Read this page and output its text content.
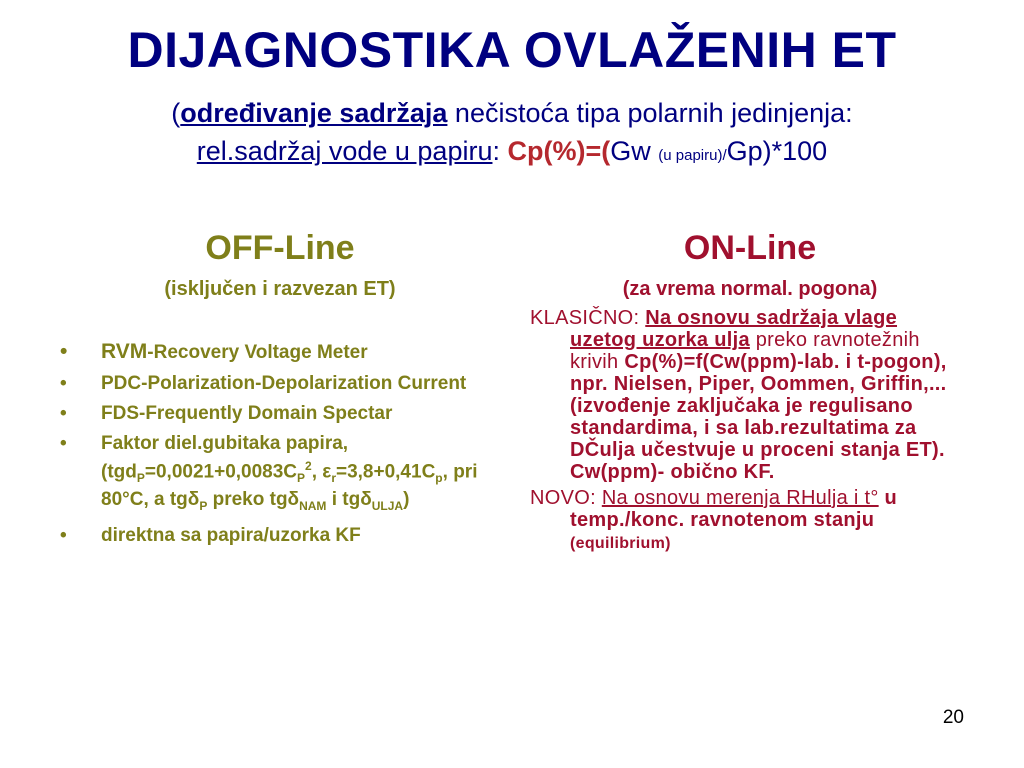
DIJAGNOSTIKA OVLAŽENIH ET
(određivanje sadržaja nečistoća tipa polarnih jedinjenja:
rel.sadržaj vode u papiru: Cp(%)=(Gw (u papiru)/Gp)*100
OFF-Line
(isključen i razvezan ET)
• RVM-Recovery Voltage Meter
• PDC-Polarization-Depolarization Current
• FDS-Frequently Domain Spectar
• Faktor diel.gubitaka papira, ($tgd_P=0,0021+0,0083C_P^2$, $\varepsilon_r=3,8+0,41C_p$, pri 80°C, a tgδ$_P$ preko tgδ$_{NAM}$ i tgδ$_{ULJA}$)
• direktna sa papira/uzorka KF
ON-Line
(za vrema normal. pogona)

KLASIČNO: Na osnovu sadržaja vlage uzetog uzorka ulja preko ravnotežnih krivih Cp(%)=f(Cw(ppm)-lab. i t-pogon), npr. Nielsen, Piper, Oommen, Griffin,... (izvođenje zaključaka je regulisano standardima, i sa lab.rezultatima za DČulja učestvuje u proceni stanja ET). Cw(ppm)- obično KF.

NOVO: Na osnovu merenja RHulja i t° u temp./konc. ravnotenom stanju (equilibrium)

20
